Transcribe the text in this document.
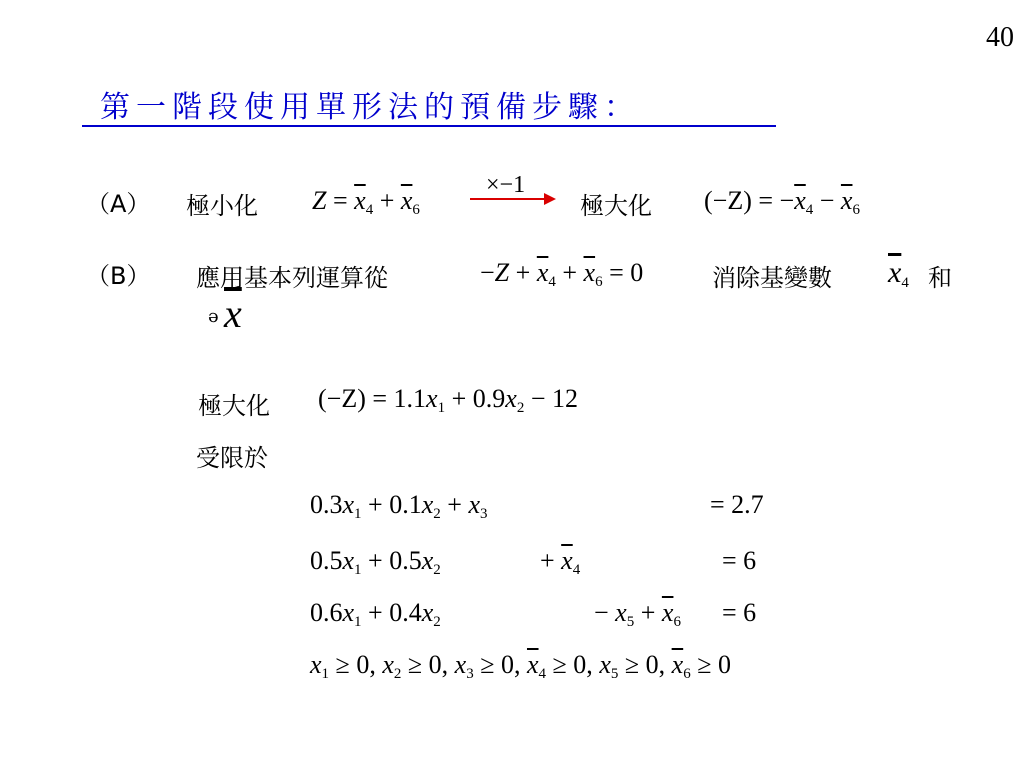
40
第一階段使用單形法的預備步驟：
（A） 極小化 $Z = \overline{x}_4 + \overline{x}_6$
×−1
極大化 $(-Z) = -\overline{x}_4 - \overline{x}_6$
（B） 應用基本列運算從	$-Z + \overline{x}_4 + \overline{x}_6 = 0$	消除基變數 $\overline{x}_4$ 和
ə $\overline{x}$
極大化 $(-Z) = 1.1x_1 + 0.9x_2 - 12$
受限於
$0.3x_1 + 0.1x_2 + x_3$	= 2.7
$0.5x_1 + 0.5x_2$	+ $\overline{x}_4$	= 6
$0.6x_1 + 0.4x_2$	− $x_5 + \overline{x}_6 = 6$
$x_1 \ge 0$, $x_2 \ge 0$, $x_3 \ge 0$, $\overline{x}_4 \ge 0$, $x_5 \ge 0$, $\overline{x}_6 \ge 0$
